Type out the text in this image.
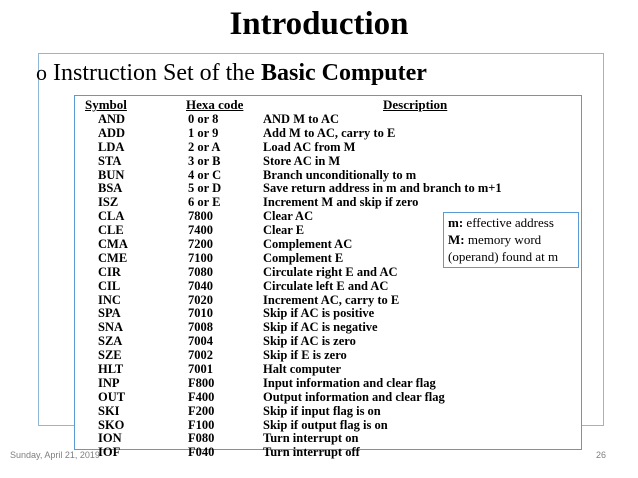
Introduction
o Instruction Set of the Basic Computer
Symbol	Hexa code	Description
AND	0 or 8	AND M to AC
ADD	1 or 9	Add M to AC, carry to E
LDA	2 or A	Load AC from M
STA	3 or B	Store AC in M
BUN	4 or C	Branch unconditionally to m
BSA	5 or D	Save return address in m and branch to m+1
ISZ	6 or E	Increment M and skip if zero
CLA	7800	Clear AC
CLE	7400	Clear E
CMA	7200	Complement AC
CME	7100	Complement E
CIR	7080	Circulate right E and AC
CIL	7040	Circulate left E and AC
INC	7020	Increment AC, carry to E
SPA	7010	Skip if AC is positive
SNA	7008	Skip if AC is negative
SZA	7004	Skip if AC is zero
SZE	7002	Skip if E is zero
HLT	7001	Halt computer
INP	F800	Input information and clear flag
OUT	F400	Output information and clear flag
SKI	F200	Skip if input flag is on
SKO	F100	Skip if output flag is on
ION	F080	Turn interrupt on
IOF	F040	Turn interrupt off
m: effective address
M: memory word
(operand) found at m
Sunday, April 21, 2019	26
